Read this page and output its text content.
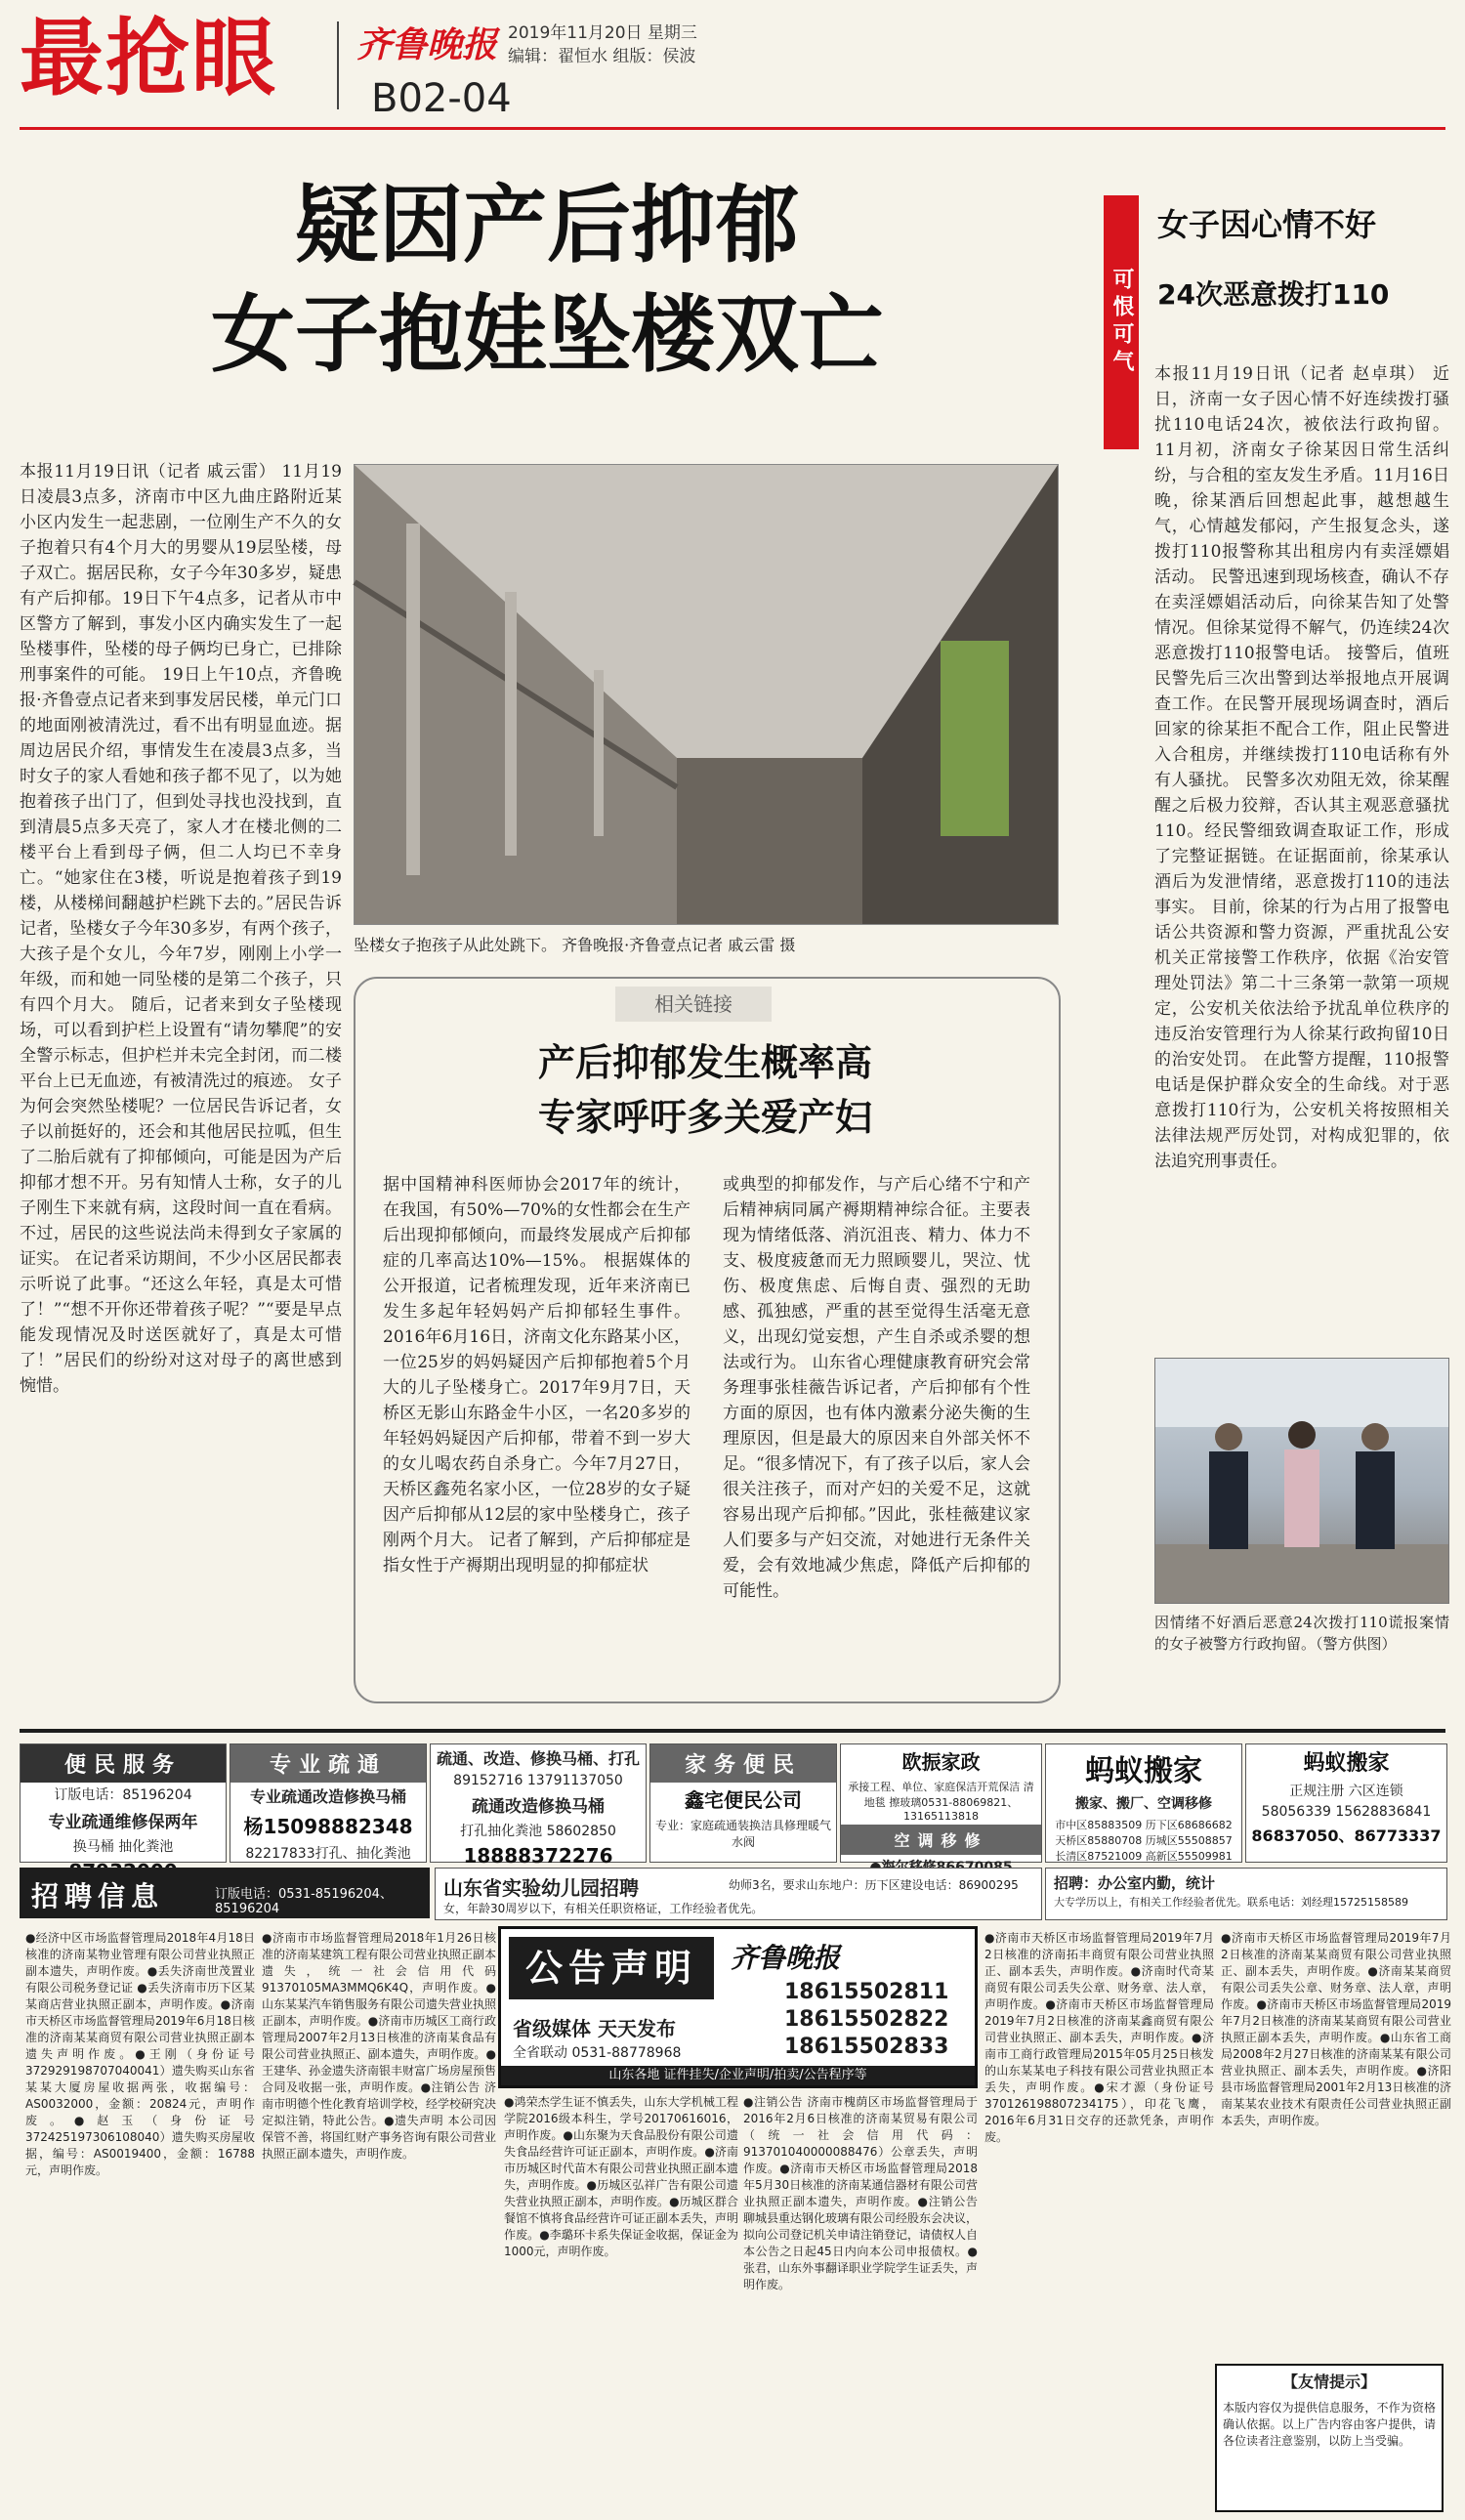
最抢眼 齐鲁晚报 2019年11月20日 星期三
编辑：翟恒水 组版：侯波
B02-04
疑因产后抑郁
女子抱娃坠楼双亡
本报11月19日讯（记者 戚云雷） 11月19日凌晨3点多，济南市中区九曲庄路附近某小区内发生一起悲剧，一位刚生产不久的女子抱着只有4个月大的男婴从19层坠楼，母子双亡。据居民称，女子今年30多岁，疑患有产后抑郁。19日下午4点多，记者从市中区警方了解到，事发小区内确实发生了一起坠楼事件，坠楼的母子俩均已身亡，已排除刑事案件的可能。 19日上午10点，齐鲁晚报·齐鲁壹点记者来到事发居民楼，单元门口的地面刚被清洗过，看不出有明显血迹。据周边居民介绍，事情发生在凌晨3点多，当时女子的家人看她和孩子都不见了，以为她抱着孩子出门了，但到处寻找也没找到，直到清晨5点多天亮了，家人才在楼北侧的二楼平台上看到母子俩，但二人均已不幸身亡。“她家住在3楼，听说是抱着孩子到19楼，从楼梯间翻越护栏跳下去的。”居民告诉记者，坠楼女子今年30多岁，有两个孩子，大孩子是个女儿，今年7岁，刚刚上小学一年级，而和她一同坠楼的是第二个孩子，只有四个月大。 随后，记者来到女子坠楼现场，可以看到护栏上设置有“请勿攀爬”的安全警示标志，但护栏并未完全封闭，而二楼平台上已无血迹，有被清洗过的痕迹。 女子为何会突然坠楼呢？一位居民告诉记者，女子以前挺好的，还会和其他居民拉呱，但生了二胎后就有了抑郁倾向，可能是因为产后抑郁才想不开。另有知情人士称，女子的儿子刚生下来就有病，这段时间一直在看病。不过，居民的这些说法尚未得到女子家属的证实。 在记者采访期间，不少小区居民都表示听说了此事。“还这么年轻，真是太可惜了！”“想不开你还带着孩子呢？”“要是早点能发现情况及时送医就好了，真是太可惜了！”居民们的纷纷对这对母子的离世感到惋惜。
坠楼女子抱孩子从此处跳下。 齐鲁晚报·齐鲁壹点记者 戚云雷 摄
相关链接
产后抑郁发生概率高
专家呼吁多关爱产妇
据中国精神科医师协会2017年的统计，在我国，有50%—70%的女性都会在生产后出现抑郁倾向，而最终发展成产后抑郁症的几率高达10%—15%。 根据媒体的公开报道，记者梳理发现，近年来济南已发生多起年轻妈妈产后抑郁轻生事件。 2016年6月16日，济南文化东路某小区，一位25岁的妈妈疑因产后抑郁抱着5个月大的儿子坠楼身亡。2017年9月7日，天桥区无影山东路金牛小区，一名20多岁的年轻妈妈疑因产后抑郁，带着不到一岁大的女儿喝农药自杀身亡。今年7月27日，天桥区鑫苑名家小区，一位28岁的女子疑因产后抑郁从12层的家中坠楼身亡，孩子刚两个月大。 记者了解到，产后抑郁症是指女性于产褥期出现明显的抑郁症状
或典型的抑郁发作，与产后心绪不宁和产后精神病同属产褥期精神综合征。主要表现为情绪低落、消沉沮丧、精力、体力不支、极度疲惫而无力照顾婴儿，哭泣、忧伤、极度焦虑、后悔自责、强烈的无助感、孤独感，严重的甚至觉得生活毫无意义，出现幻觉妄想，产生自杀或杀婴的想法或行为。 山东省心理健康教育研究会常务理事张桂薇告诉记者，产后抑郁有个性方面的原因，也有体内激素分泌失衡的生理原因，但是最大的原因来自外部关怀不足。“很多情况下，有了孩子以后，家人会很关注孩子，而对产妇的关爱不足，这就容易出现产后抑郁。”因此，张桂薇建议家人们要多与产妇交流，对她进行无条件关爱，会有效地减少焦虑，降低产后抑郁的可能性。
可恨可气
女子因心情不好
24次恶意拨打110
本报11月19日讯（记者 赵卓琪） 近日，济南一女子因心情不好连续拨打骚扰110电话24次，被依法行政拘留。 11月初，济南女子徐某因日常生活纠纷，与合租的室友发生矛盾。11月16日晚，徐某酒后回想起此事，越想越生气，心情越发郁闷，产生报复念头，遂拨打110报警称其出租房内有卖淫嫖娼活动。 民警迅速到现场核查，确认不存在卖淫嫖娼活动后，向徐某告知了处警情况。但徐某觉得不解气，仍连续24次恶意拨打110报警电话。 接警后，值班民警先后三次出警到达举报地点开展调查工作。在民警开展现场调查时，酒后回家的徐某拒不配合工作，阻止民警进入合租房，并继续拨打110电话称有外有人骚扰。 民警多次劝阻无效，徐某醒醒之后极力狡辩，否认其主观恶意骚扰110。经民警细致调查取证工作，形成了完整证据链。在证据面前，徐某承认酒后为发泄情绪，恶意拨打110的违法事实。 目前，徐某的行为占用了报警电话公共资源和警力资源，严重扰乱公安机关正常接警工作秩序，依据《治安管理处罚法》第二十三条第一款第一项规定，公安机关依法给予扰乱单位秩序的违反治安管理行为人徐某行政拘留10日的治安处罚。 在此警方提醒，110报警电话是保护群众安全的生命线。对于恶意拨打110行为，公安机关将按照相关法律法规严厉处罚，对构成犯罪的，依法追究刑事责任。
因情绪不好酒后恶意24次拨打110谎报案情的女子被警方行政拘留。（警方供图）
便民服务
订版电话：85196204
专业疏通维修保两年
换马桶 抽化粪池
专业疏通
专业疏通改造修换马桶
杨15098882348
82217833打孔、抽化粪池
疏通、改造、修换马桶、打孔
89152716 13791137050
疏通改造修换马桶
打孔抽化粪池 58602850
18888372276
家务便民
鑫宅便民公司
专业：家庭疏通装换洁具修理暖气水阀
欧振家政
承接工程、单位、家庭保洁开荒保洁 清地毯 擦玻璃0531-88069821、13165113818
空调移修
蚂蚁搬家
搬家、搬厂、空调移修
市中区85883509 历下区68686682 天桥区85880708 历城区55508857 长清区87521009 高新区55509981
蚂蚁搬家
正规注册 六区连锁
58056339 15628836841
86837050、86773337
招聘信息	订版电话：0531-85196204、85196204
山东省实验幼儿园招聘	幼师3名，要求山东地户：历下区建设电话：86900295
女，年龄30周岁以下，有相关任职资格证，工作经验者优先。
招聘：办公室内勤，统计
大专学历以上，有相关工作经验者优先。联系电话：刘经理15725158589
●经济中区市场监督管理局2018年4月18日核准的济南某物业管理有限公司营业执照正副本遗失，声明作废。●丢失济南世茂置业有限公司税务登记证 ●丢失济南市历下区某某商店营业执照正副本，声明作废。●济南市天桥区市场监督管理局2019年6月18日核准的济南某某商贸有限公司营业执照正副本遗失声明作废。●王刚（身份证号372929198707040041）遗失购买山东省某某大厦房屋收据两张，收据编号：AS0032000，金额：20824元，声明作废。●赵玉（身份证号372425197306108040）遗失购买房屋收据，编号：AS0019400，金额：16788元，声明作废。
●济南市市场监督管理局2018年1月26日核准的济南某建筑工程有限公司营业执照正副本遗失，统一社会信用代码91370105MA3MMQ6K4Q，声明作废。●山东某某汽车销售服务有限公司遗失营业执照正副本，声明作废。●济南市历城区工商行政管理局2007年2月13日核准的济南某食品有限公司营业执照正、副本遗失，声明作废。●王建华、孙金遗失济南银丰财富广场房屋预售合同及收据一张，声明作废。●注销公告 济南市明德个性化教育培训学校，经学校研究决定拟注销，特此公告。●遗失声明 本公司因保管不善，将国红财产事务咨询有限公司营业执照正副本遗失，声明作废。
公告声明	齐鲁晚报
省级媒体 天天发布
全省联动 0531-88778968
18615502811
18615502822
18615502833
山东各地 证件挂失/企业声明/拍卖/公告程序等
●鸿荣杰学生证不慎丢失，山东大学机械工程学院2016级本科生，学号20170616016，声明作废。●山东聚为天食品股份有限公司遗失食品经营许可证正副本，声明作废。●济南市历城区时代苗木有限公司营业执照正副本遗失，声明作废。●历城区弘祥广告有限公司遗失营业执照正副本，声明作废。●历城区群合餐馆不慎将食品经营许可证正副本丢失，声明作废。●李璐环卡系失保证金收据，保证金为1000元，声明作废。
●注销公告 济南市槐荫区市场监督管理局于2016年2月6日核准的济南某贸易有限公司（统一社会信用代码：913701040000088476）公章丢失，声明作废。●济南市天桥区市场监督管理局2018年5月30日核准的济南某通信器材有限公司营业执照正副本遗失，声明作废。●注销公告 聊城县重达钢化玻璃有限公司经股东会决议，拟向公司登记机关申请注销登记，请债权人自本公告之日起45日内向本公司申报债权。●张君，山东外事翻译职业学院学生证丢失，声明作废。
●济南市天桥区市场监督管理局2019年7月2日核准的济南拓丰商贸有限公司营业执照正、副本丢失，声明作废。●济南时代奇某商贸有限公司丢失公章、财务章、法人章，声明作废。●济南市天桥区市场监督管理局2019年7月2日核准的济南某鑫商贸有限公司营业执照正、副本丢失，声明作废。●济南市工商行政管理局2015年05月25日核发的山东某某电子科技有限公司营业执照正本丢失，声明作废。●宋才源（身份证号370126198807234175），印花飞鹰，2016年6月31日交存的还款凭条，声明作废。
●济南市天桥区市场监督管理局2019年7月2日核准的济南某某商贸有限公司营业执照正、副本丢失，声明作废。●济南某某商贸有限公司丢失公章、财务章、法人章，声明作废。●济南市天桥区市场监督管理局2019年7月2日核准的济南某某商贸有限公司营业执照正副本丢失，声明作废。●山东省工商局2008年2月27日核准的济南某某有限公司营业执照正、副本丢失，声明作废。●济阳县市场监督管理局2001年2月13日核准的济南某某农业技术有限责任公司营业执照正副本丢失，声明作废。
【友情提示】
本版内容仅为提供信息服务，不作为资格确认依据。以上广告内容由客户提供，请各位读者注意鉴别，以防上当受骗。
